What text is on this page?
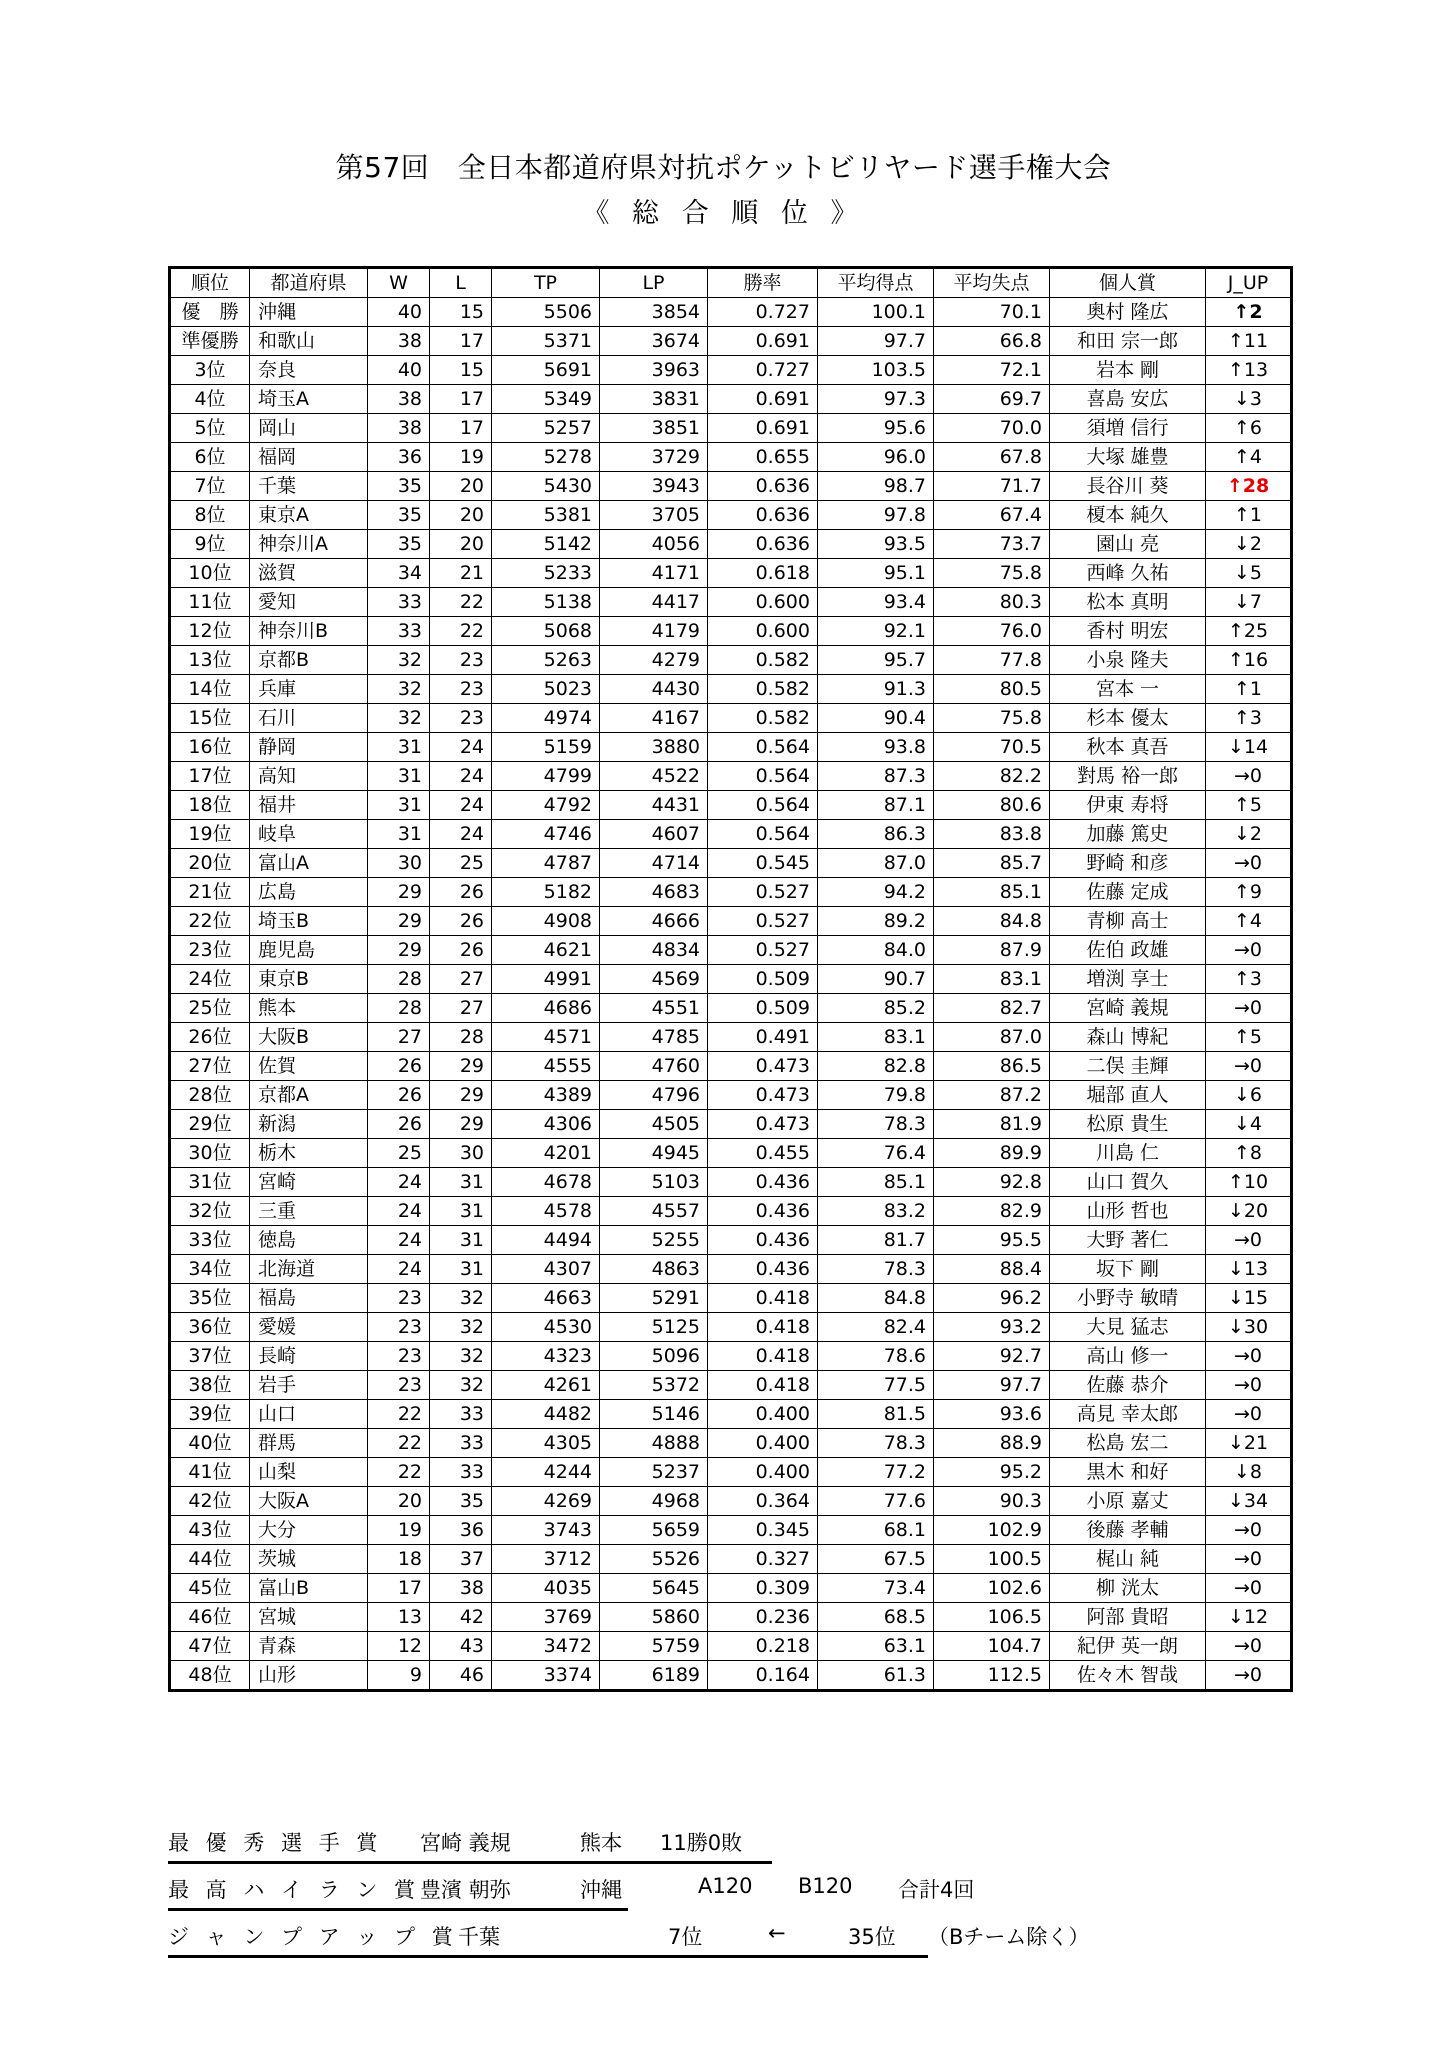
第57回　全日本都道府県対抗ポケットビリヤード選手権大会
《 総 合 順 位 》
順位	都道府県	W	L	TP	LP	勝率	平均得点	平均失点	個人賞	J_UP
優　勝	沖縄	40	15	5506	3854	0.727	100.1	70.1	奥村 隆広	↑2
準優勝	和歌山	38	17	5371	3674	0.691	97.7	66.8	和田 宗一郎	↑11
3位	奈良	40	15	5691	3963	0.727	103.5	72.1	岩本 剛	↑13
4位	埼玉A	38	17	5349	3831	0.691	97.3	69.7	喜島 安広	↓3
5位	岡山	38	17	5257	3851	0.691	95.6	70.0	須増 信行	↑6
6位	福岡	36	19	5278	3729	0.655	96.0	67.8	大塚 雄豊	↑4
7位	千葉	35	20	5430	3943	0.636	98.7	71.7	長谷川 葵	↑28
8位	東京A	35	20	5381	3705	0.636	97.8	67.4	榎本 純久	↑1
9位	神奈川A	35	20	5142	4056	0.636	93.5	73.7	園山 亮	↓2
10位	滋賀	34	21	5233	4171	0.618	95.1	75.8	西峰 久祐	↓5
11位	愛知	33	22	5138	4417	0.600	93.4	80.3	松本 真明	↓7
12位	神奈川B	33	22	5068	4179	0.600	92.1	76.0	香村 明宏	↑25
13位	京都B	32	23	5263	4279	0.582	95.7	77.8	小泉 隆夫	↑16
14位	兵庫	32	23	5023	4430	0.582	91.3	80.5	宮本 一	↑1
15位	石川	32	23	4974	4167	0.582	90.4	75.8	杉本 優太	↑3
16位	静岡	31	24	5159	3880	0.564	93.8	70.5	秋本 真吾	↓14
17位	高知	31	24	4799	4522	0.564	87.3	82.2	對馬 裕一郎	→0
18位	福井	31	24	4792	4431	0.564	87.1	80.6	伊東 寿将	↑5
19位	岐阜	31	24	4746	4607	0.564	86.3	83.8	加藤 篤史	↓2
20位	富山A	30	25	4787	4714	0.545	87.0	85.7	野崎 和彦	→0
21位	広島	29	26	5182	4683	0.527	94.2	85.1	佐藤 定成	↑9
22位	埼玉B	29	26	4908	4666	0.527	89.2	84.8	青柳 高士	↑4
23位	鹿児島	29	26	4621	4834	0.527	84.0	87.9	佐伯 政雄	→0
24位	東京B	28	27	4991	4569	0.509	90.7	83.1	増渕 享士	↑3
25位	熊本	28	27	4686	4551	0.509	85.2	82.7	宮崎 義規	→0
26位	大阪B	27	28	4571	4785	0.491	83.1	87.0	森山 博紀	↑5
27位	佐賀	26	29	4555	4760	0.473	82.8	86.5	二俣 圭輝	→0
28位	京都A	26	29	4389	4796	0.473	79.8	87.2	堀部 直人	↓6
29位	新潟	26	29	4306	4505	0.473	78.3	81.9	松原 貴生	↓4
30位	栃木	25	30	4201	4945	0.455	76.4	89.9	川島 仁	↑8
31位	宮崎	24	31	4678	5103	0.436	85.1	92.8	山口 賀久	↑10
32位	三重	24	31	4578	4557	0.436	83.2	82.9	山形 哲也	↓20
33位	徳島	24	31	4494	5255	0.436	81.7	95.5	大野 著仁	→0
34位	北海道	24	31	4307	4863	0.436	78.3	88.4	坂下 剛	↓13
35位	福島	23	32	4663	5291	0.418	84.8	96.2	小野寺 敏晴	↓15
36位	愛媛	23	32	4530	5125	0.418	82.4	93.2	大見 猛志	↓30
37位	長崎	23	32	4323	5096	0.418	78.6	92.7	高山 修一	→0
38位	岩手	23	32	4261	5372	0.418	77.5	97.7	佐藤 恭介	→0
39位	山口	22	33	4482	5146	0.400	81.5	93.6	高見 幸太郎	→0
40位	群馬	22	33	4305	4888	0.400	78.3	88.9	松島 宏二	↓21
41位	山梨	22	33	4244	5237	0.400	77.2	95.2	黒木 和好	↓8
42位	大阪A	20	35	4269	4968	0.364	77.6	90.3	小原 嘉丈	↓34
43位	大分	19	36	3743	5659	0.345	68.1	102.9	後藤 孝輔	→0
44位	茨城	18	37	3712	5526	0.327	67.5	100.5	梶山 純	→0
45位	富山B	17	38	4035	5645	0.309	73.4	102.6	柳 洸太	→0
46位	宮城	13	42	3769	5860	0.236	68.5	106.5	阿部 貴昭	↓12
47位	青森	12	43	3472	5759	0.218	63.1	104.7	紀伊 英一朗	→0
48位	山形	9	46	3374	6189	0.164	61.3	112.5	佐々木 智哉	→0
最 優 秀 選 手 賞 宮崎 義規	熊本 11勝0敗
最 高 ハ イ ラ ン 賞 豊濱 朝弥	沖縄	A120 B120 合計4回
ジ ャ ン プ ア ッ プ 賞 千葉	7位	←	35位 （Bチーム除く）
